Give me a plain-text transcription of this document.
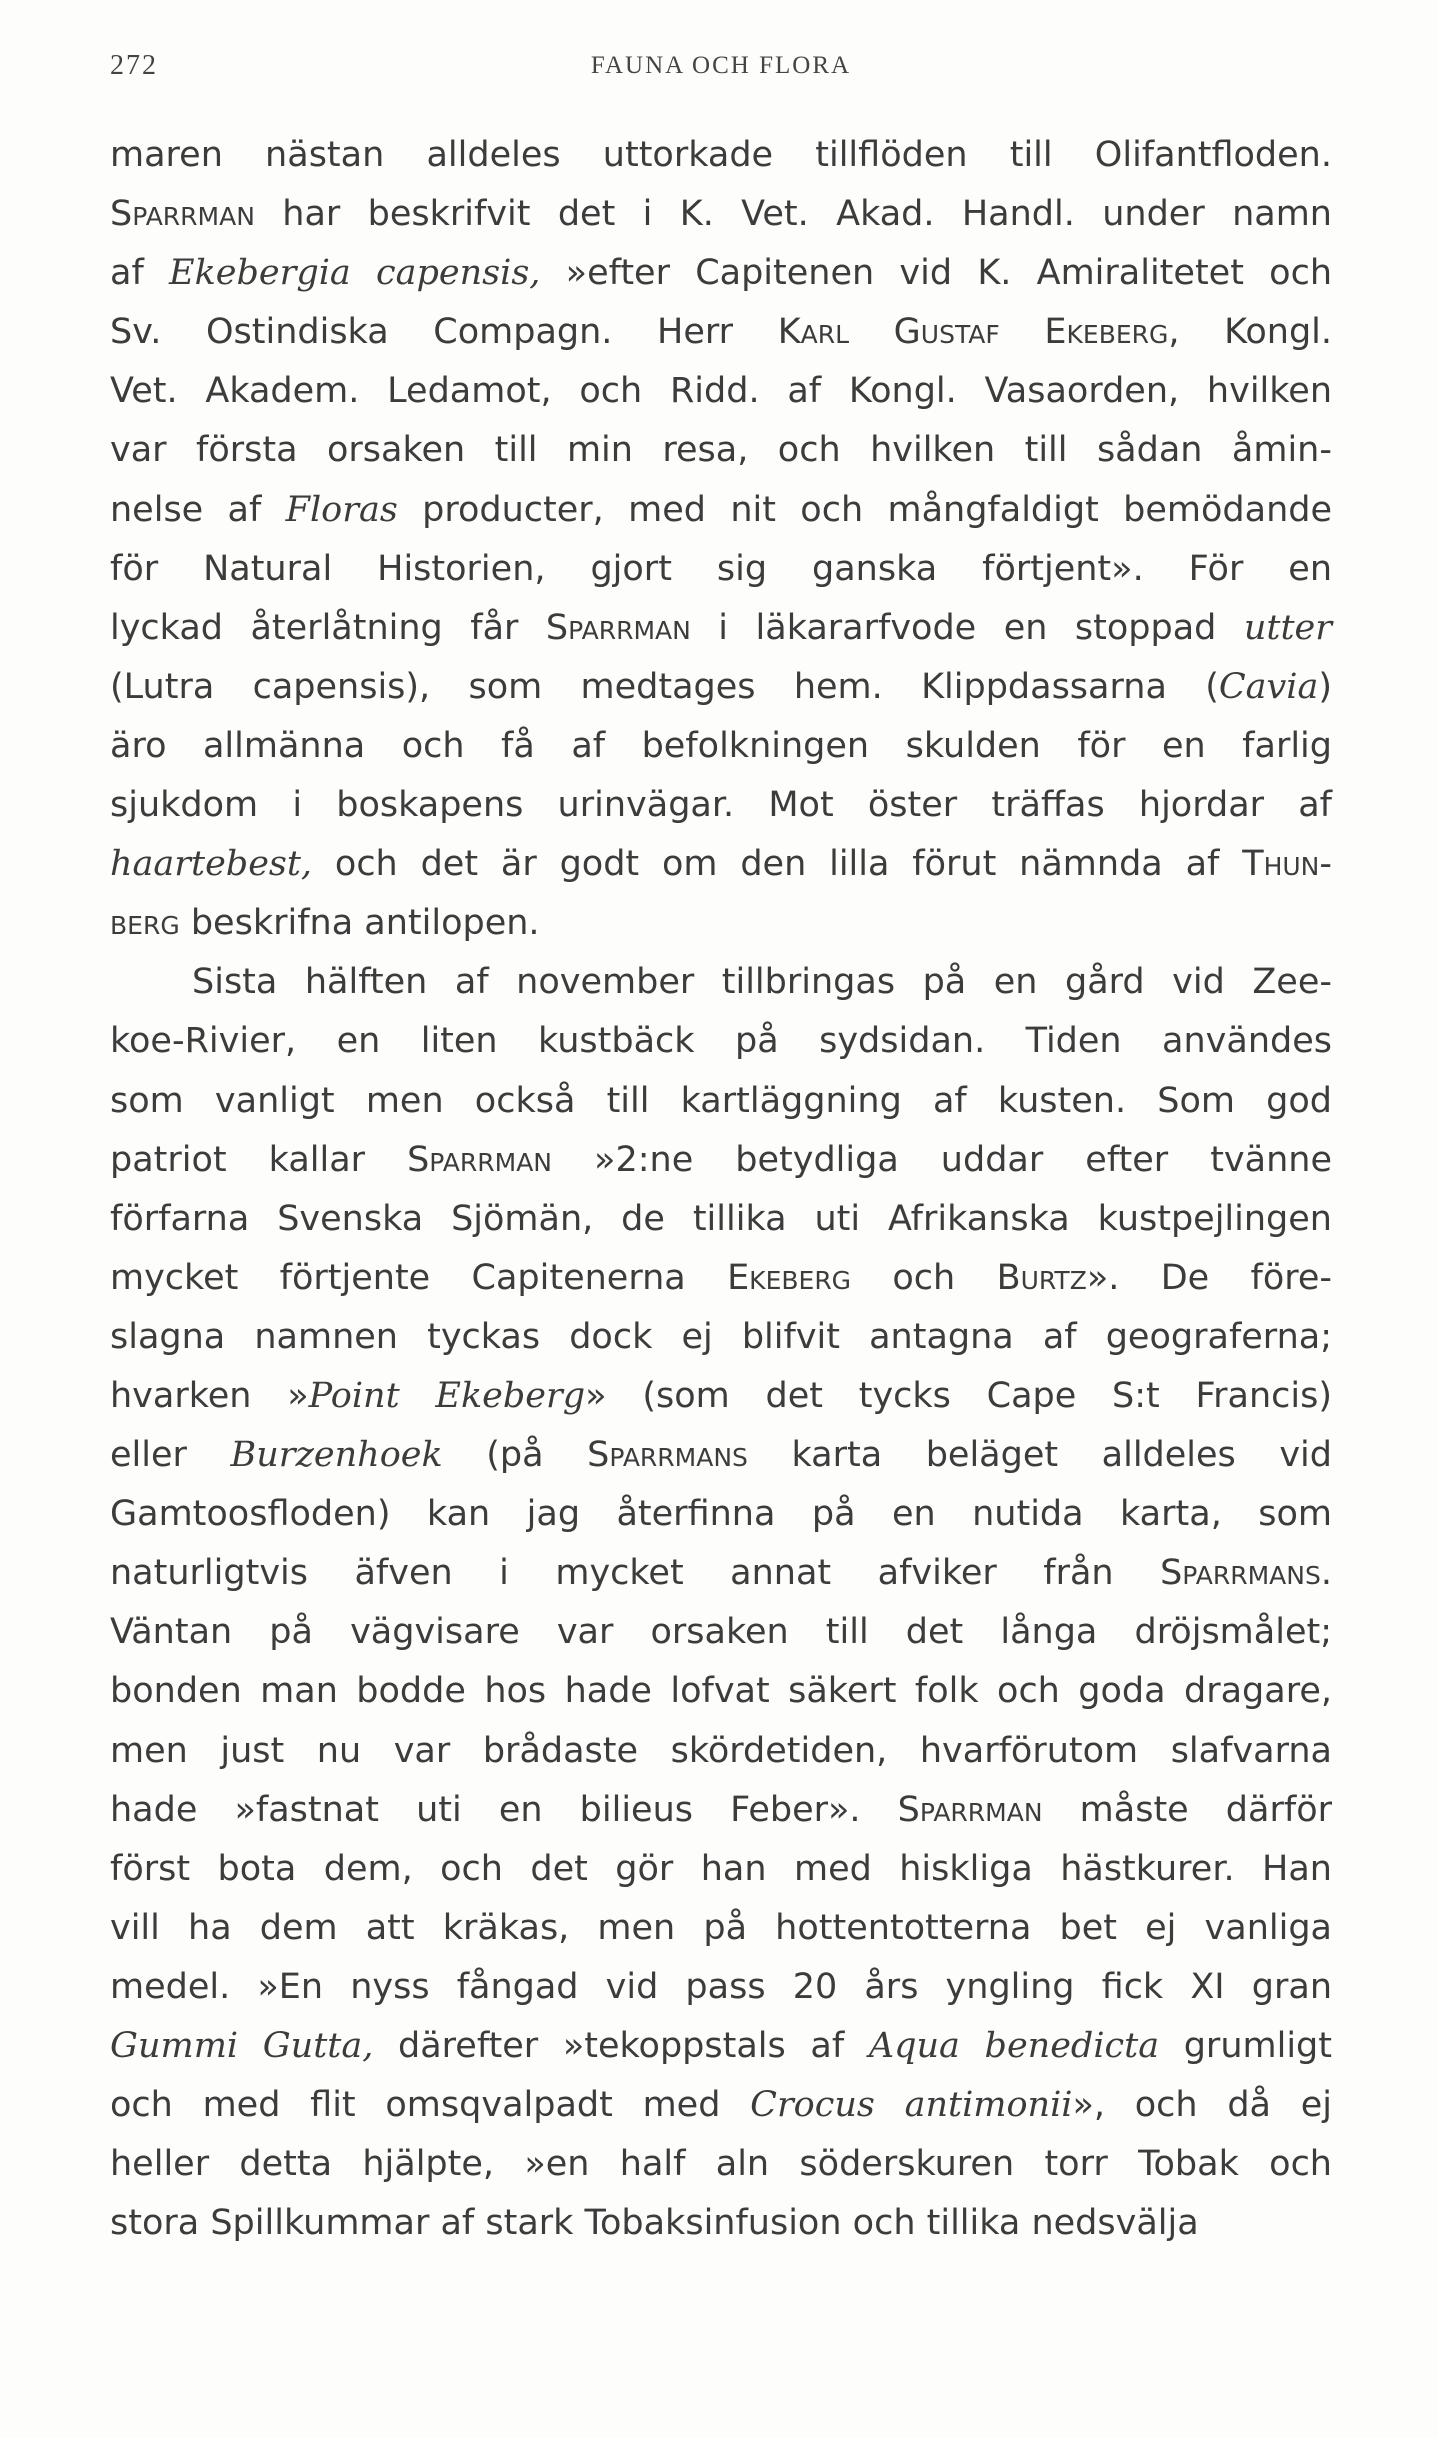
272	FAUNA OCH FLORA
maren nästan alldeles uttorkade tillflöden till Olifantfloden.
Sparrman har beskrifvit det i K. Vet. Akad. Handl. under namn
af Ekebergia capensis, »efter Capitenen vid K. Amiralitetet och
Sv. Ostindiska Compagn. Herr Karl Gustaf Ekeberg, Kongl.
Vet. Akadem. Ledamot, och Ridd. af Kongl. Vasaorden, hvilken
var första orsaken till min resa, och hvilken till sådan åmin-
nelse af Floras producter, med nit och mångfaldigt bemödande
för Natural Historien, gjort sig ganska förtjent». För en
lyckad återlåtning får Sparrman i läkararfvode en stoppad utter
(Lutra capensis), som medtages hem. Klippdassarna (Cavia)
äro allmänna och få af befolkningen skulden för en farlig
sjukdom i boskapens urinvägar. Mot öster träffas hjordar af
haartebest, och det är godt om den lilla förut nämnda af Thun-
berg beskrifna antilopen.
Sista hälften af november tillbringas på en gård vid Zee-
koe-Rivier, en liten kustbäck på sydsidan. Tiden användes
som vanligt men också till kartläggning af kusten. Som god
patriot kallar Sparrman »2:ne betydliga uddar efter tvänne
förfarna Svenska Sjömän, de tillika uti Afrikanska kustpejlingen
mycket förtjente Capitenerna Ekeberg och Burtz». De före-
slagna namnen tyckas dock ej blifvit antagna af geograferna;
hvarken »Point Ekeberg» (som det tycks Cape S:t Francis)
eller Burzenhoek (på Sparrmans karta beläget alldeles vid
Gamtoosfloden) kan jag återfinna på en nutida karta, som
naturligtvis äfven i mycket annat afviker från Sparrmans.
Väntan på vägvisare var orsaken till det långa dröjsmålet;
bonden man bodde hos hade lofvat säkert folk och goda dragare,
men just nu var brådaste skördetiden, hvarförutom slafvarna
hade »fastnat uti en bilieus Feber». Sparrman måste därför
först bota dem, och det gör han med hiskliga hästkurer. Han
vill ha dem att kräkas, men på hottentotterna bet ej vanliga
medel. »En nyss fångad vid pass 20 års yngling fick XI gran
Gummi Gutta, därefter »tekoppstals af Aqua benedicta grumligt
och med flit omsqvalpadt med Crocus antimonii», och då ej
heller detta hjälpte, »en half aln söderskuren torr Tobak och
stora Spillkummar af stark Tobaksinfusion och tillika nedsvälja
